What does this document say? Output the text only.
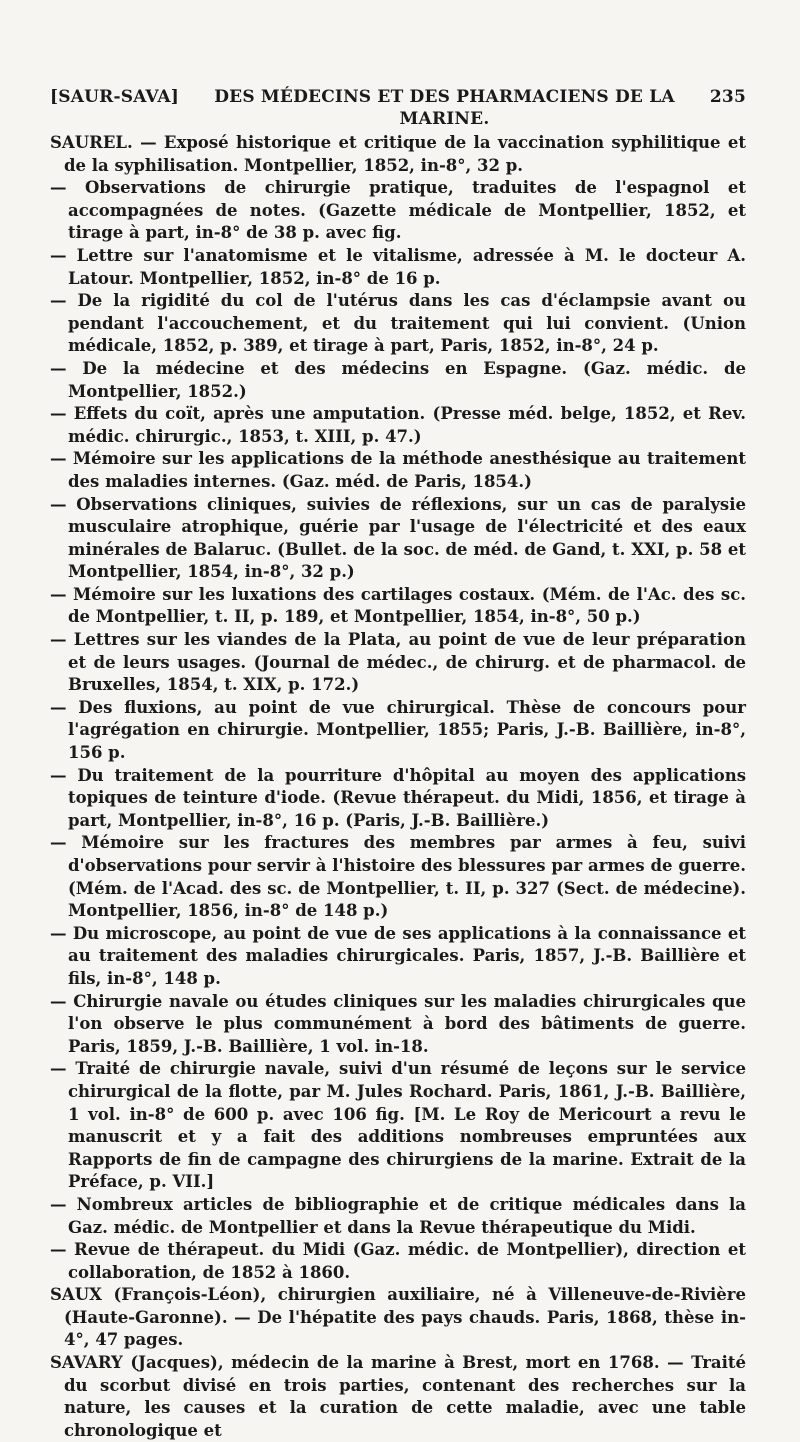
[SAUR-SAVA]	DES MÉDECINS ET DES PHARMACIENS DE LA MARINE.
235

SAUREL. — Exposé historique et critique de la vaccination syphilitique et de la syphilisation. Montpellier, 1852, in-8°, 32 p.

— Observations de chirurgie pratique, traduites de l'espagnol et accompagnées de notes. (Gazette médicale de Montpellier, 1852, et tirage à part, in-8° de 38 p. avec fig.

— Lettre sur l'anatomisme et le vitalisme, adressée à M. le docteur A. Latour. Montpellier, 1852, in-8° de 16 p.

— De la rigidité du col de l'utérus dans les cas d'éclampsie avant ou pendant l'accouchement, et du traitement qui lui convient. (Union médicale, 1852, p. 389, et tirage à part, Paris, 1852, in-8°, 24 p.

— De la médecine et des médecins en Espagne. (Gaz. médic. de Montpellier, 1852.)

— Effets du coït, après une amputation. (Presse méd. belge, 1852, et Rev. médic. chirurgic., 1853, t. XIII, p. 47.)

— Mémoire sur les applications de la méthode anesthésique au traitement des maladies internes. (Gaz. méd. de Paris, 1854.)

— Observations cliniques, suivies de réflexions, sur un cas de paralysie musculaire atrophique, guérie par l'usage de l'électricité et des eaux minérales de Balaruc. (Bullet. de la soc. de méd. de Gand, t. XXI, p. 58 et Montpellier, 1854, in-8°, 32 p.)

— Mémoire sur les luxations des cartilages costaux. (Mém. de l'Ac. des sc. de Montpellier, t. II, p. 189, et Montpellier, 1854, in-8°, 50 p.)

— Lettres sur les viandes de la Plata, au point de vue de leur préparation et de leurs usages. (Journal de médec., de chirurg. et de pharmacol. de Bruxelles, 1854, t. XIX, p. 172.)

— Des fluxions, au point de vue chirurgical. Thèse de concours pour l'agrégation en chirurgie. Montpellier, 1855; Paris, J.-B. Baillière, in-8°, 156 p.

— Du traitement de la pourriture d'hôpital au moyen des applications topiques de teinture d'iode. (Revue thérapeut. du Midi, 1856, et tirage à part, Montpellier, in-8°, 16 p. (Paris, J.-B. Baillière.)

— Mémoire sur les fractures des membres par armes à feu, suivi d'observations pour servir à l'histoire des blessures par armes de guerre. (Mém. de l'Acad. des sc. de Montpellier, t. II, p. 327 (Sect. de médecine). Montpellier, 1856, in-8° de 148 p.)

— Du microscope, au point de vue de ses applications à la connaissance et au traitement des maladies chirurgicales. Paris, 1857, J.-B. Baillière et fils, in-8°, 148 p.

— Chirurgie navale ou études cliniques sur les maladies chirurgicales que l'on observe le plus communément à bord des bâtiments de guerre. Paris, 1859, J.-B. Baillière, 1 vol. in-18.

— Traité de chirurgie navale, suivi d'un résumé de leçons sur le service chirurgical de la flotte, par M. Jules Rochard. Paris, 1861, J.-B. Baillière, 1 vol. in-8° de 600 p. avec 106 fig. [M. Le Roy de Mericourt a revu le manuscrit et y a fait des additions nombreuses empruntées aux Rapports de fin de campagne des chirurgiens de la marine. Extrait de la Préface, p. VII.]

— Nombreux articles de bibliographie et de critique médicales dans la Gaz. médic. de Montpellier et dans la Revue thérapeutique du Midi.

— Revue de thérapeut. du Midi (Gaz. médic. de Montpellier), direction et collaboration, de 1852 à 1860.

SAUX (François-Léon), chirurgien auxiliaire, né à Villeneuve-de-Rivière (Haute-Garonne). — De l'hépatite des pays chauds. Paris, 1868, thèse in-4°, 47 pages.

SAVARY (Jacques), médecin de la marine à Brest, mort en 1768. — Traité du scorbut divisé en trois parties, contenant des recherches sur la nature, les causes et la curation de cette maladie, avec une table chronologique et
